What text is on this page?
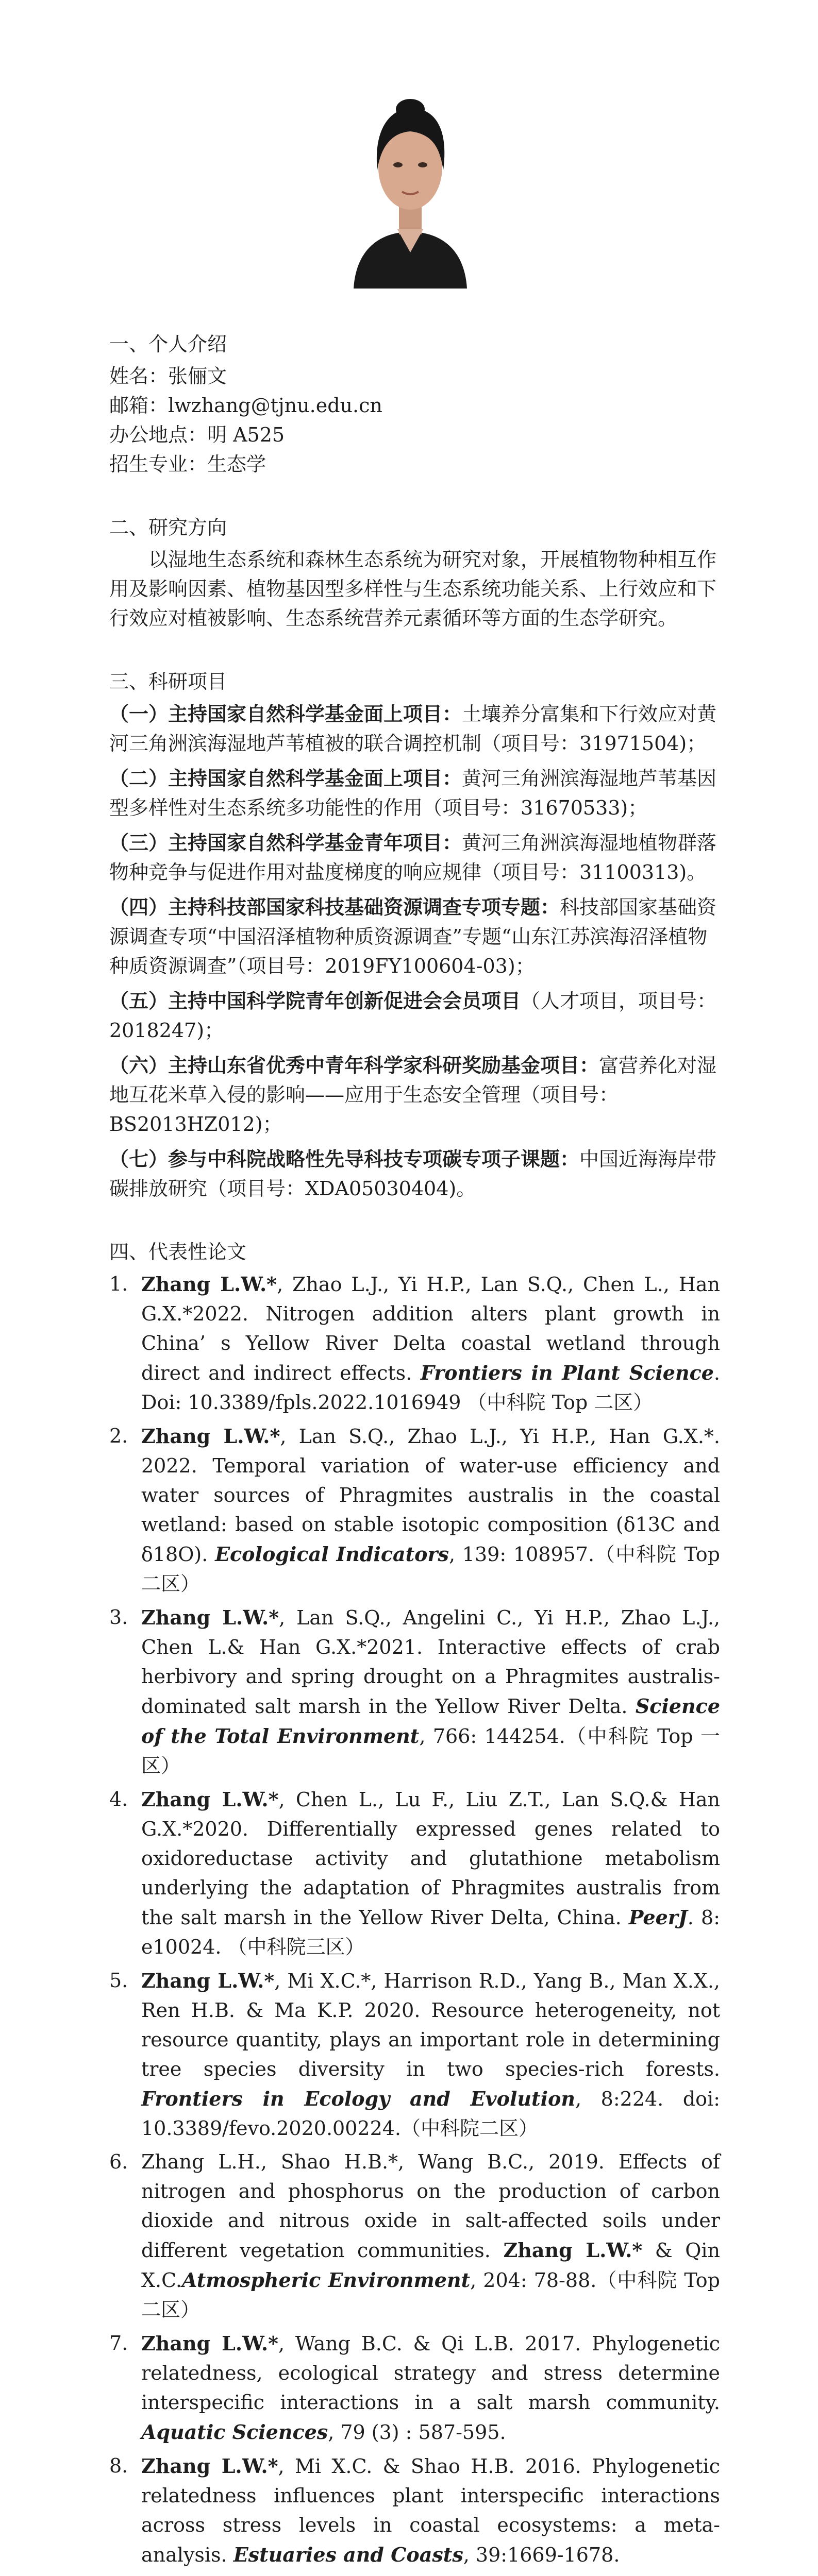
一、个人介绍
姓名：张俪文
邮箱：lwzhang@tjnu.edu.cn
办公地点：明 A525
招生专业：生态学
二、研究方向

以湿地生态系统和森林生态系统为研究对象，开展植物物种相互作用及影响因素、植物基因型多样性与生态系统功能关系、上行效应和下行效应对植被影响、生态系统营养元素循环等方面的生态学研究。

三、科研项目

（一）主持国家自然科学基金面上项目：土壤养分富集和下行效应对黄河三角洲滨海湿地芦苇植被的联合调控机制（项目号：31971504)；

（二）主持国家自然科学基金面上项目：黄河三角洲滨海湿地芦苇基因型多样性对生态系统多功能性的作用（项目号：31670533)；

（三）主持国家自然科学基金青年项目：黄河三角洲滨海湿地植物群落物种竞争与促进作用对盐度梯度的响应规律（项目号：31100313)。

（四）主持科技部国家科技基础资源调查专项专题：科技部国家基础资源调查专项“中国沼泽植物种质资源调查”专题“山东江苏滨海沼泽植物种质资源调查”（项目号：2019FY100604-03)；

（五）主持中国科学院青年创新促进会会员项目（人才项目，项目号： 2018247)；

（六）主持山东省优秀中青年科学家科研奖励基金项目：富营养化对湿地互花米草入侵的影响——应用于生态安全管理（项目号：BS2013HZ012)；

（七）参与中科院战略性先导科技专项碳专项子课题：中国近海海岸带碳排放研究（项目号：XDA05030404)。

四、代表性论文
1. Zhang L.W.*, Zhao L.J., Yi H.P., Lan S.Q., Chen L., Han G.X.*2022. Nitrogen addition alters plant growth in China’ s Yellow River Delta coastal wetland through direct and indirect effects. Frontiers in Plant Science. Doi: 10.3389/fpls.2022.1016949 （中科院 Top 二区）
2. Zhang L.W.*, Lan S.Q., Zhao L.J., Yi H.P., Han G.X.*. 2022. Temporal variation of water-use efficiency and water sources of Phragmites australis in the coastal wetland: based on stable isotopic composition (δ13C and δ18O). Ecological Indicators, 139: 108957.（中科院 Top 二区）
3. Zhang L.W.*, Lan S.Q., Angelini C., Yi H.P., Zhao L.J., Chen L.& Han G.X.*2021. Interactive effects of crab herbivory and spring drought on a Phragmites australis-dominated salt marsh in the Yellow River Delta. Science of the Total Environment, 766: 144254.（中科院 Top 一区）
4. Zhang L.W.*, Chen L., Lu F., Liu Z.T., Lan S.Q.& Han G.X.*2020. Differentially expressed genes related to oxidoreductase activity and glutathione metabolism underlying the adaptation of Phragmites australis from the salt marsh in the Yellow River Delta, China. PeerJ. 8: e10024. （中科院三区）
5. Zhang L.W.*, Mi X.C.*, Harrison R.D., Yang B., Man X.X., Ren H.B. & Ma K.P. 2020. Resource heterogeneity, not resource quantity, plays an important role in determining tree species diversity in two species-rich forests. Frontiers in Ecology and Evolution, 8:224. doi: 10.3389/fevo.2020.00224.（中科院二区）
6. Zhang L.H., Shao H.B.*, Wang B.C., 2019. Effects of nitrogen and phosphorus on the production of carbon dioxide and nitrous oxide in salt-affected soils under different vegetation communities. Zhang L.W.* & Qin X.C.Atmospheric Environment, 204: 78-88.（中科院 Top 二区）
7. Zhang L.W.*, Wang B.C. & Qi L.B. 2017. Phylogenetic relatedness, ecological strategy and stress determine interspecific interactions in a salt marsh community. Aquatic Sciences, 79 (3) : 587-595.
8. Zhang L.W.*, Mi X.C. & Shao H.B. 2016. Phylogenetic relatedness influences plant interspecific interactions across stress levels in coastal ecosystems: a meta-analysis. Estuaries and Coasts, 39:1669-1678.
